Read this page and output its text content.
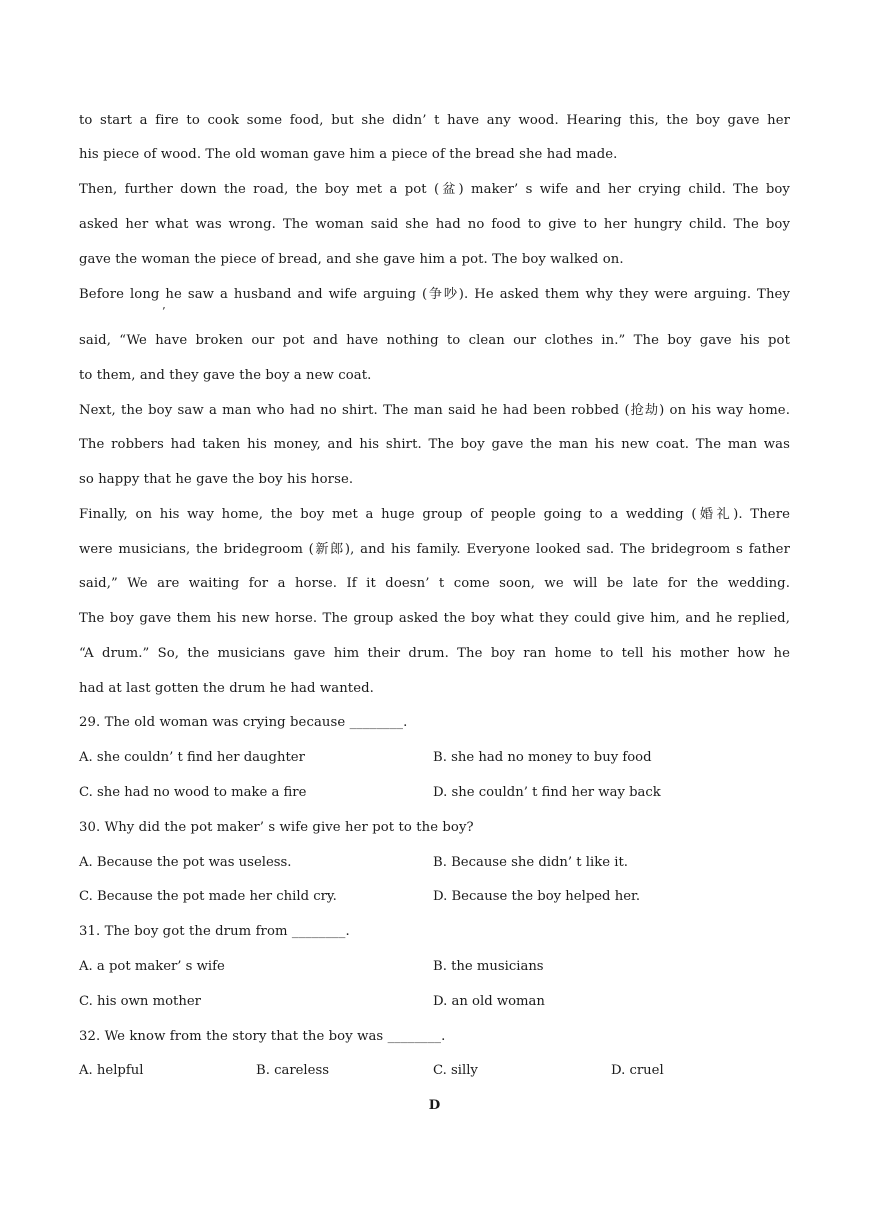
to start a fire to cook some food, but she didn’ t have any wood. Hearing this, the boy gave her
his piece of wood. The old woman gave him a piece of the bread she had made.
Then, further down the road, the boy met a pot (盆) maker’ s wife and her crying child. The boy
asked her what was wrong. The woman said she had no food to give to her hungry child. The boy
gave the woman the piece of bread, and she gave him a pot. The boy walked on.
Before long he saw a husband and wife arguing (争吵). He asked them why they were arguing. They
’
said, “We have broken our pot and have nothing to clean our clothes in.” The boy gave his pot
to them, and they gave the boy a new coat.
Next, the boy saw a man who had no shirt. The man said he had been robbed (抢劫) on his way home.
The robbers had taken his money, and his shirt. The boy gave the man his new coat. The man was
so happy that he gave the boy his horse.
Finally, on his way home, the boy met a huge group of people going to a wedding (婚礼). There
were musicians, the bridegroom (新郎), and his family. Everyone looked sad. The bridegroom s father
said,” We are waiting for a horse. If it doesn’ t come soon, we will be late for the wedding.
The boy gave them his new horse. The group asked the boy what they could give him, and he replied,
“A drum.” So, the musicians gave him their drum. The boy ran home to tell his mother how he
had at last gotten the drum he had wanted.
29. The old woman was crying because ________.
A. she couldn’ t find her daughter	B. she had no money to buy food
C. she had no wood to make a fire	D. she couldn’ t find her way back
30. Why did the pot maker’ s wife give her pot to the boy?
A. Because the pot was useless.	B. Because she didn’ t like it.
C. Because the pot made her child cry.	D. Because the boy helped her.
31. The boy got the drum from ________.
A. a pot maker’ s wife	B. the musicians
C. his own mother	D. an old woman
32. We know from the story that the boy was ________.
A. helpful	B. careless	C. silly	D. cruel
D
